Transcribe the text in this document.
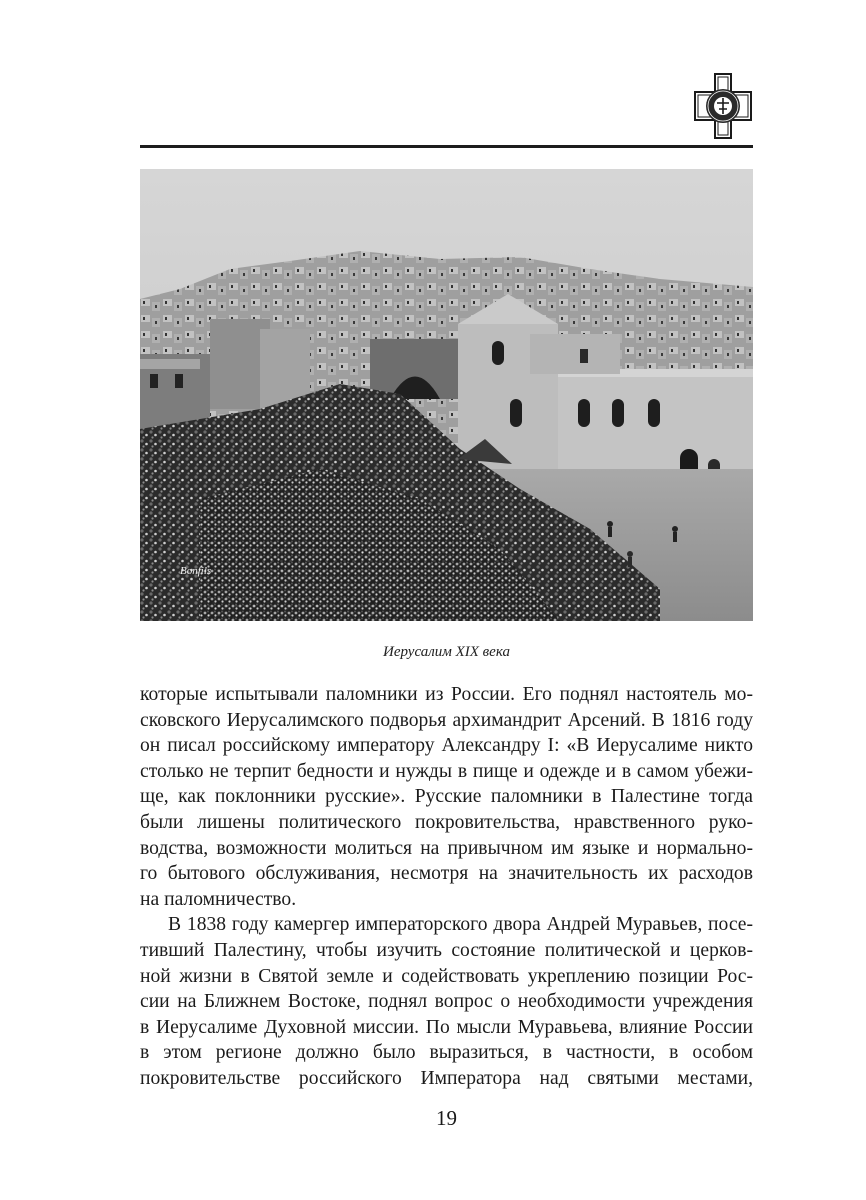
Bonfils
Иерусалим XIX века

которые испытывали паломники из России. Его поднял настоятель мо-
сковского Иерусалимского подворья архимандрит Арсений. В 1816 году
он писал российскому императору Александру I: «В Иерусалиме никто
столько не терпит бедности и нужды в пище и одежде и в самом убежи-
ще, как поклонники русские». Русские паломники в Палестине тогда
были лишены политического покровительства, нравственного руко-
водства, возможности молиться на привычном им языке и нормально-
го бытового обслуживания, несмотря на значительность их расходов
на паломничество.

В 1838 году камергер императорского двора Андрей Муравьев, посе-
тивший Палестину, чтобы изучить состояние политической и церков-
ной жизни в Святой земле и содействовать укреплению позиции Рос-
сии на Ближнем Востоке, поднял вопрос о необходимости учреждения
в Иерусалиме Духовной миссии. По мысли Муравьева, влияние России
в этом регионе должно было выразиться, в частности, в особом
покровительстве российского Императора над святыми местами,

19
